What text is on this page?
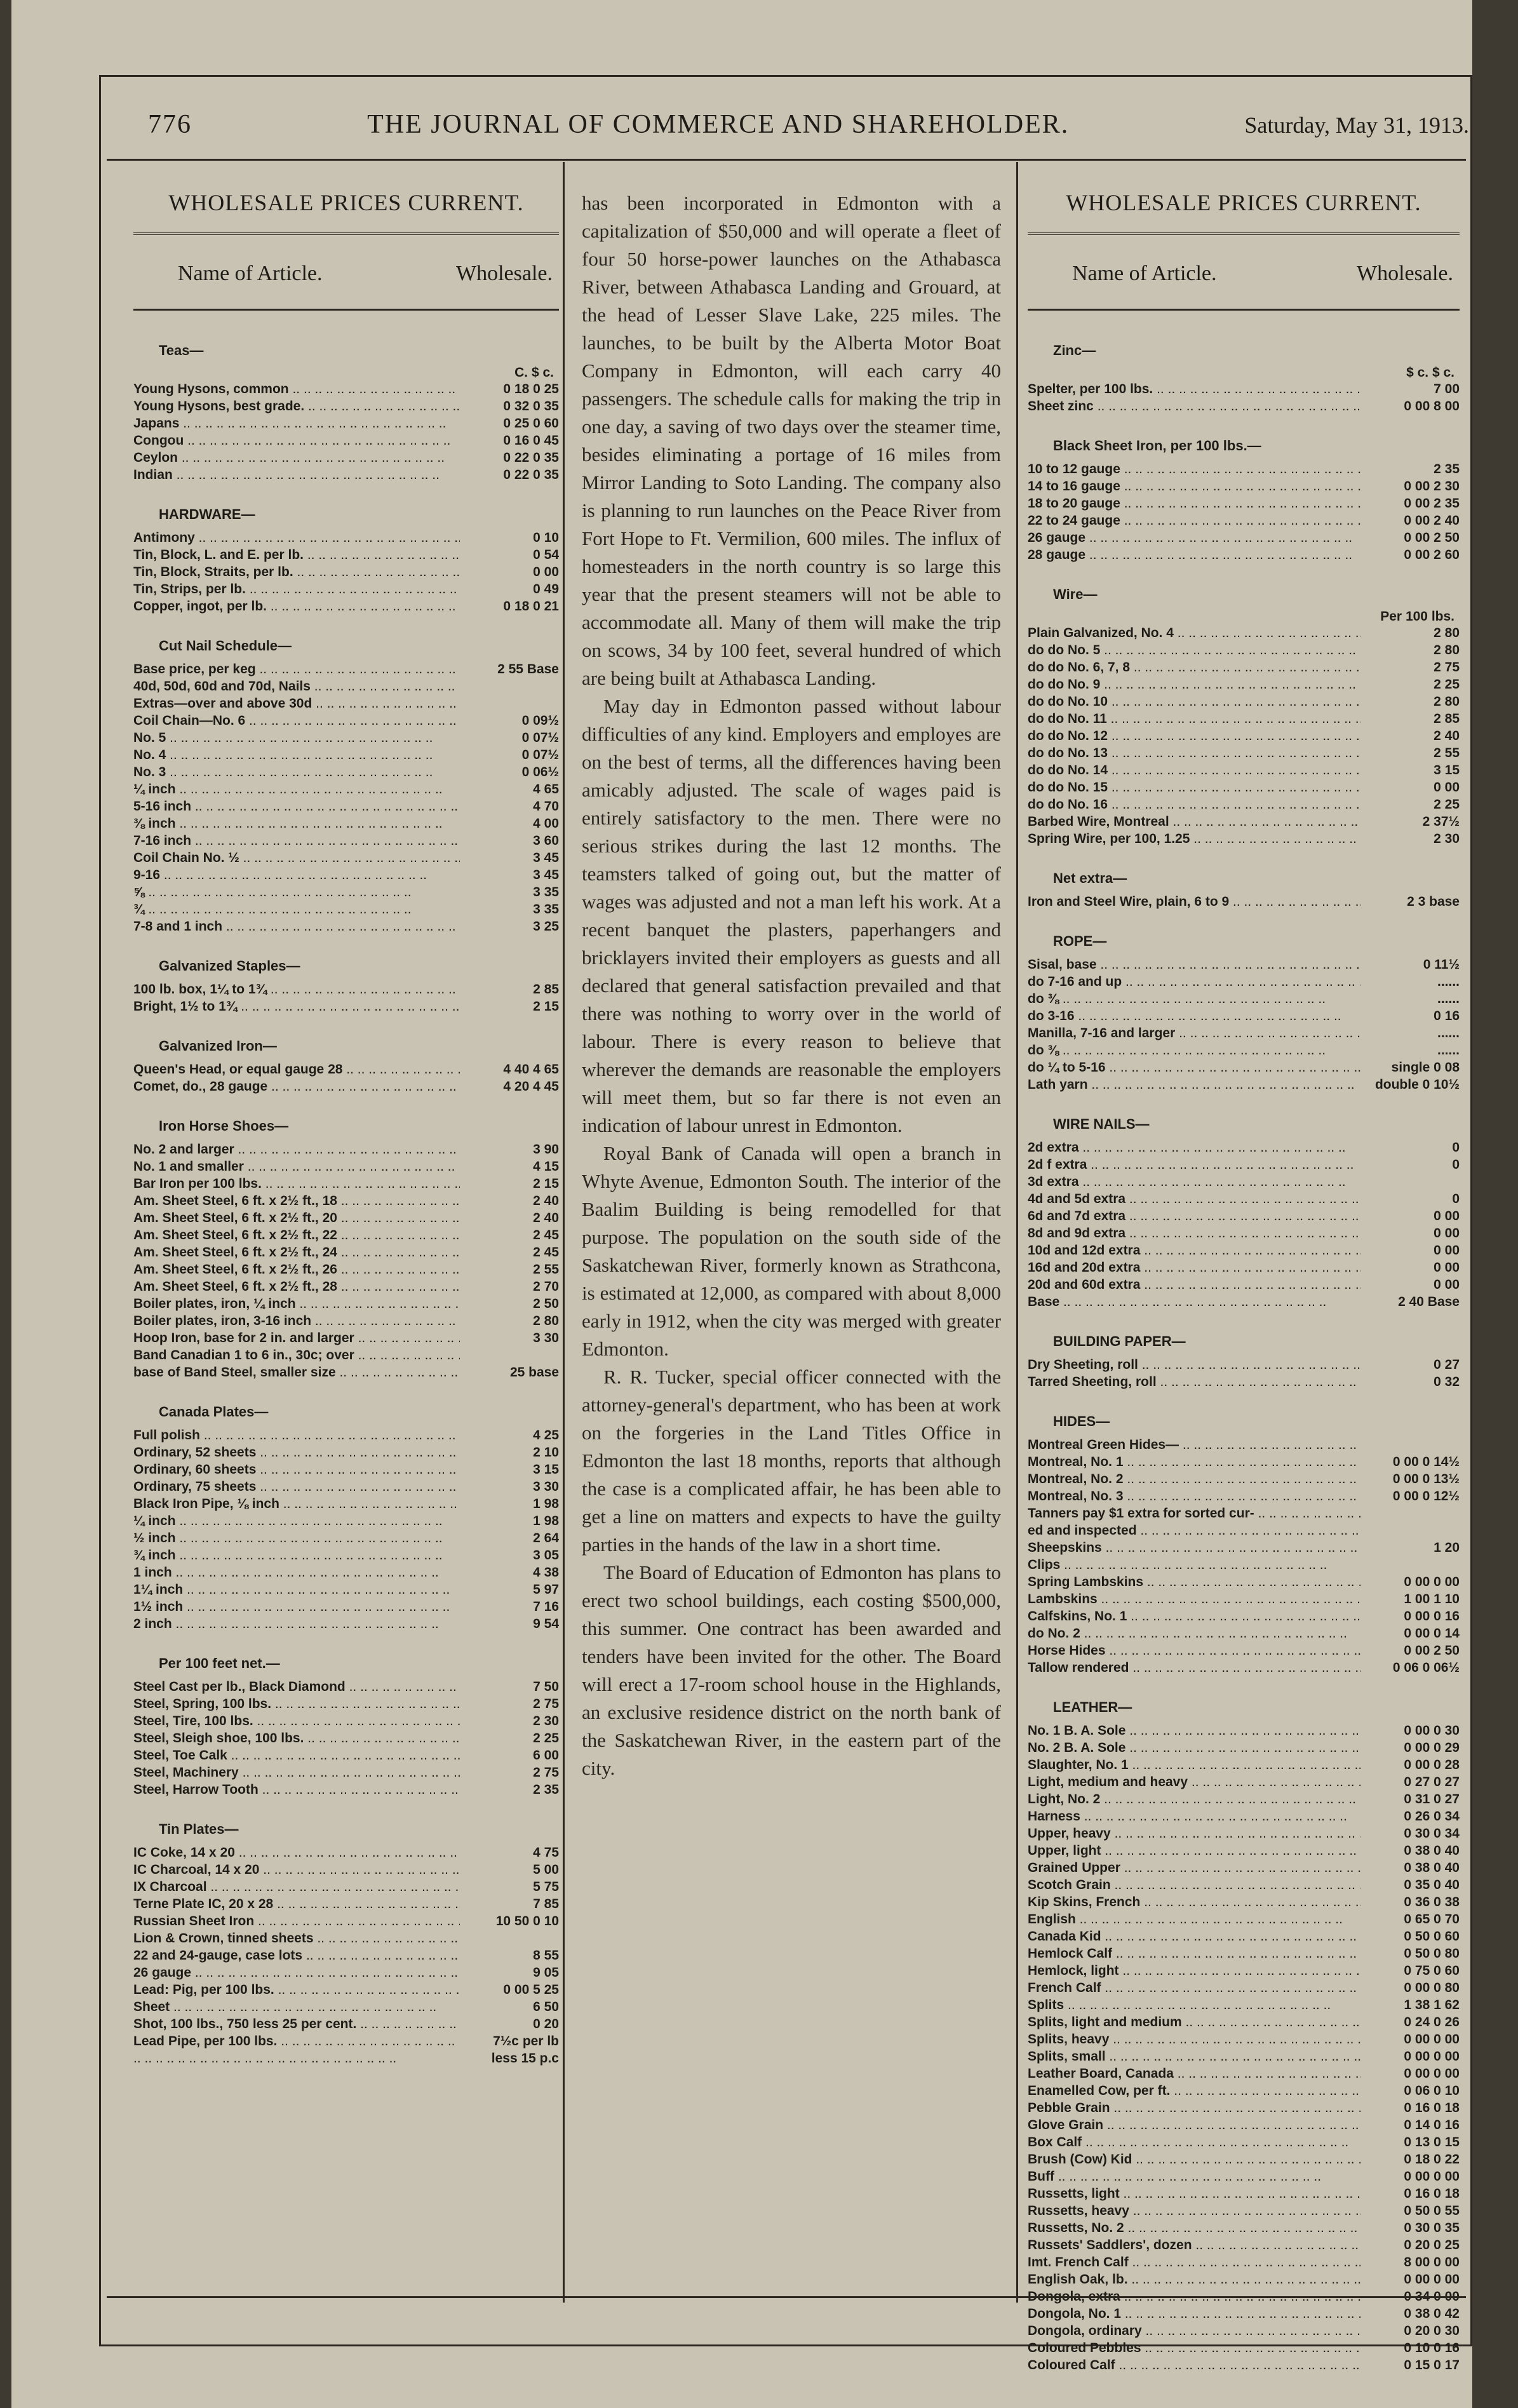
776	THE JOURNAL OF COMMERCE AND SHAREHOLDER.	Saturday, May 31, 1913.
WHOLESALE PRICES CURRENT.
Name of Article.	Wholesale.
Teas—
C. $ c.
Young Hysons, common .. ..	0 18 0 25
Young Hysons, best grade. .. ..	0 32 0 35
Japans .. ..	0 25 0 60
Congou .. ..	0 16 0 45
Ceylon .. ..	0 22 0 35
Indian .. ..	0 22 0 35
HARDWARE—
Antimony .. ..	0 10
Tin, Block, L. and E. per lb. .. ..	0 54
Tin, Block, Straits, per lb. .. ..	0 00
Tin, Strips, per lb. .. ..	0 49
Copper, ingot, per lb. .. ..	0 18 0 21
Cut Nail Schedule—
Base price, per keg .. ..	2 55 Base
40d, 50d, 60d and 70d, Nails .. ..
Extras—over and above 30d .. ..
Coil Chain—No. 6 .. ..	0 09½
No. 5 .. ..	0 07½
No. 4 .. ..	0 07½
No. 3 .. ..	0 06½
¼ inch .. ..	4 65
5-16 inch .. ..	4 70
⅜ inch .. ..	4 00
7-16 inch .. ..	3 60
Coil Chain No. ½ .. ..	3 45
9-16 .. ..	3 45
⅝ .. ..	3 35
¾ .. ..	3 35
7-8 and 1 inch .. ..	3 25
Galvanized Staples—
100 lb. box, 1¼ to 1¾ .. ..	2 85
Bright, 1½ to 1¾ .. ..	2 15
Galvanized Iron—
Queen's Head, or equal gauge 28 .. ..	4 40 4 65
Comet, do., 28 gauge .. ..	4 20 4 45
Iron Horse Shoes—
No. 2 and larger .. ..	3 90
No. 1 and smaller .. ..	4 15
Bar Iron per 100 lbs. .. ..	2 15
Am. Sheet Steel, 6 ft. x 2½ ft., 18 .. ..	2 40
Am. Sheet Steel, 6 ft. x 2½ ft., 20 .. ..	2 40
Am. Sheet Steel, 6 ft. x 2½ ft., 22 .. ..	2 45
Am. Sheet Steel, 6 ft. x 2½ ft., 24 .. ..	2 45
Am. Sheet Steel, 6 ft. x 2½ ft., 26 .. ..	2 55
Am. Sheet Steel, 6 ft. x 2½ ft., 28 .. ..	2 70
Boiler plates, iron, ¼ inch .. ..	2 50
Boiler plates, iron, 3-16 inch .. ..	2 80
Hoop Iron, base for 2 in. and larger .. ..	3 30
Band Canadian 1 to 6 in., 30c; over .. ..
base of Band Steel, smaller size .. ..	25 base
Canada Plates—
Full polish .. ..	4 25
Ordinary, 52 sheets .. ..	2 10
Ordinary, 60 sheets .. ..	3 15
Ordinary, 75 sheets .. ..	3 30
Black Iron Pipe, ⅛ inch .. ..	1 98
¼ inch .. ..	1 98
½ inch .. ..	2 64
¾ inch .. ..	3 05
1 inch .. ..	4 38
1¼ inch .. ..	5 97
1½ inch .. ..	7 16
2 inch .. ..	9 54
Per 100 feet net.—
Steel Cast per lb., Black Diamond .. ..	7 50
Steel, Spring, 100 lbs. .. ..	2 75
Steel, Tire, 100 lbs. .. ..	2 30
Steel, Sleigh shoe, 100 lbs. .. ..	2 25
Steel, Toe Calk .. ..	6 00
Steel, Machinery .. ..	2 75
Steel, Harrow Tooth .. ..	2 35
Tin Plates—
IC Coke, 14 x 20 .. ..	4 75
IC Charcoal, 14 x 20 .. ..	5 00
IX Charcoal .. ..	5 75
Terne Plate IC, 20 x 28 .. ..	7 85
Russian Sheet Iron .. ..	10 50 0 10
Lion & Crown, tinned sheets .. ..
22 and 24-gauge, case lots .. ..	8 55
26 gauge .. ..	9 05
Lead: Pig, per 100 lbs. .. ..	0 00 5 25
Sheet .. ..	6 50
Shot, 100 lbs., 750 less 25 per cent. .. ..	0 20
Lead Pipe, per 100 lbs. .. ..	7½c per lb
.. ..
less 15 p.c

has been incorporated in Edmonton with a capitalization of $50,000 and will operate a fleet of four 50 horse-power launches on the Athabasca River, between Athabasca Landing and Grouard, at the head of Lesser Slave Lake, 225 miles. The launches, to be built by the Alberta Motor Boat Company in Edmonton, will each carry 40 passengers. The schedule calls for making the trip in one day, a saving of two days over the steamer time, besides eliminating a portage of 16 miles from Mirror Landing to Soto Landing. The company also is planning to run launches on the Peace River from Fort Hope to Ft. Vermilion, 600 miles. The influx of homesteaders in the north country is so large this year that the present steamers will not be able to accommodate all. Many of them will make the trip on scows, 34 by 100 feet, several hundred of which are being built at Athabasca Landing.

May day in Edmonton passed without labour difficulties of any kind. Employers and employes are on the best of terms, all the differences having been amicably adjusted. The scale of wages paid is entirely satisfactory to the men. There were no serious strikes during the last 12 months. The teamsters talked of going out, but the matter of wages was adjusted and not a man left his work. At a recent banquet the plasters, paperhangers and bricklayers invited their employers as guests and all declared that general satisfaction prevailed and that there was nothing to worry over in the world of labour. There is every reason to believe that wherever the demands are reasonable the employers will meet them, but so far there is not even an indication of labour unrest in Edmonton.

Royal Bank of Canada will open a branch in Whyte Avenue, Edmonton South. The interior of the Baalim Building is being remodelled for that purpose. The population on the south side of the Saskatchewan River, formerly known as Strathcona, is estimated at 12,000, as compared with about 8,000 early in 1912, when the city was merged with greater Edmonton.

R. R. Tucker, special officer connected with the attorney-general's department, who has been at work on the forgeries in the Land Titles Office in Edmonton the last 18 months, reports that although the case is a complicated affair, he has been able to get a line on matters and expects to have the guilty parties in the hands of the law in a short time.

The Board of Education of Edmonton has plans to erect two school buildings, each costing $500,000, this summer. One contract has been awarded and tenders have been invited for the other. The Board will erect a 17-room school house in the Highlands, an exclusive residence district on the north bank of the Saskatchewan River, in the eastern part of the city.

WHOLESALE PRICES CURRENT.
Name of Article.	Wholesale.
Zinc—
$ c. $ c.
Spelter, per 100 lbs. .. ..	7 00
Sheet zinc .. ..	0 00 8 00
Black Sheet Iron, per 100 lbs.—
10 to 12 gauge .. ..	2 35
14 to 16 gauge .. ..	0 00 2 30
18 to 20 gauge .. ..	0 00 2 35
22 to 24 gauge .. ..	0 00 2 40
26 gauge .. ..	0 00 2 50
28 gauge .. ..	0 00 2 60
Wire—
Per 100 lbs.
Plain Galvanized, No. 4 .. ..	2 80
do do No. 5 .. ..	2 80
do do No. 6, 7, 8 .. ..	2 75
do do No. 9 .. ..	2 25
do do No. 10 .. ..	2 80
do do No. 11 .. ..	2 85
do do No. 12 .. ..	2 40
do do No. 13 .. ..	2 55
do do No. 14 .. ..	3 15
do do No. 15 .. ..	0 00
do do No. 16 .. ..	2 25
Barbed Wire, Montreal .. ..	2 37½
Spring Wire, per 100, 1.25 .. ..	2 30
Net extra—
Iron and Steel Wire, plain, 6 to 9 .. ..	2 3 base
ROPE—
Sisal, base .. ..	0 11½
do 7-16 and up .. ..	......
do ⅜ .. ..	......
do 3-16 .. ..	0 16
Manilla, 7-16 and larger .. ..	......
do ⅜ .. ..	......
do ¼ to 5-16 .. ..	single 0 08
Lath yarn .. ..	double 0 10½
WIRE NAILS—
2d extra .. ..	0
2d f extra .. ..	0
3d extra .. ..
4d and 5d extra .. ..	0
6d and 7d extra .. ..	0 00
8d and 9d extra .. ..	0 00
10d and 12d extra .. ..	0 00
16d and 20d extra .. ..	0 00
20d and 60d extra .. ..	0 00
Base .. ..	2 40 Base
BUILDING PAPER—
Dry Sheeting, roll .. ..	0 27
Tarred Sheeting, roll .. ..	0 32
HIDES—
Montreal Green Hides— .. ..
Montreal, No. 1 .. ..	0 00 0 14½
Montreal, No. 2 .. ..	0 00 0 13½
Montreal, No. 3 .. ..	0 00 0 12½
Tanners pay $1 extra for sorted cur- .. ..
ed and inspected .. ..
Sheepskins .. ..	1 20
Clips .. ..
Spring Lambskins .. ..	0 00 0 00
Lambskins .. ..	1 00 1 10
Calfskins, No. 1 .. ..	0 00 0 16
do No. 2 .. ..	0 00 0 14
Horse Hides .. ..	0 00 2 50
Tallow rendered .. ..	0 06 0 06½
LEATHER—
No. 1 B. A. Sole .. ..	0 00 0 30
No. 2 B. A. Sole .. ..	0 00 0 29
Slaughter, No. 1 .. ..	0 00 0 28
Light, medium and heavy .. ..	0 27 0 27
Light, No. 2 .. ..	0 31 0 27
Harness .. ..	0 26 0 34
Upper, heavy .. ..	0 30 0 34
Upper, light .. ..	0 38 0 40
Grained Upper .. ..	0 38 0 40
Scotch Grain .. ..	0 35 0 40
Kip Skins, French .. ..	0 36 0 38
English .. ..	0 65 0 70
Canada Kid .. ..	0 50 0 60
Hemlock Calf .. ..	0 50 0 80
Hemlock, light .. ..	0 75 0 60
French Calf .. ..	0 00 0 80
Splits .. ..	1 38 1 62
Splits, light and medium .. ..	0 24 0 26
Splits, heavy .. ..	0 00 0 00
Splits, small .. ..	0 00 0 00
Leather Board, Canada .. ..	0 00 0 00
Enamelled Cow, per ft. .. ..	0 06 0 10
Pebble Grain .. ..	0 16 0 18
Glove Grain .. ..	0 14 0 16
Box Calf .. ..	0 13 0 15
Brush (Cow) Kid .. ..	0 18 0 22
Buff .. ..	0 00 0 00
Russetts, light .. ..	0 16 0 18
Russetts, heavy .. ..	0 50 0 55
Russetts, No. 2 .. ..	0 30 0 35
Russets' Saddlers', dozen .. ..	0 20 0 25
Imt. French Calf .. ..	8 00 0 00
English Oak, lb. .. ..	0 00 0 00
Dongola, extra .. ..	0 34 0 00
Dongola, No. 1 .. ..	0 38 0 42
Dongola, ordinary .. ..	0 20 0 30
Coloured Pebbles .. ..	0 10 0 16
Coloured Calf .. ..	0 15 0 17
